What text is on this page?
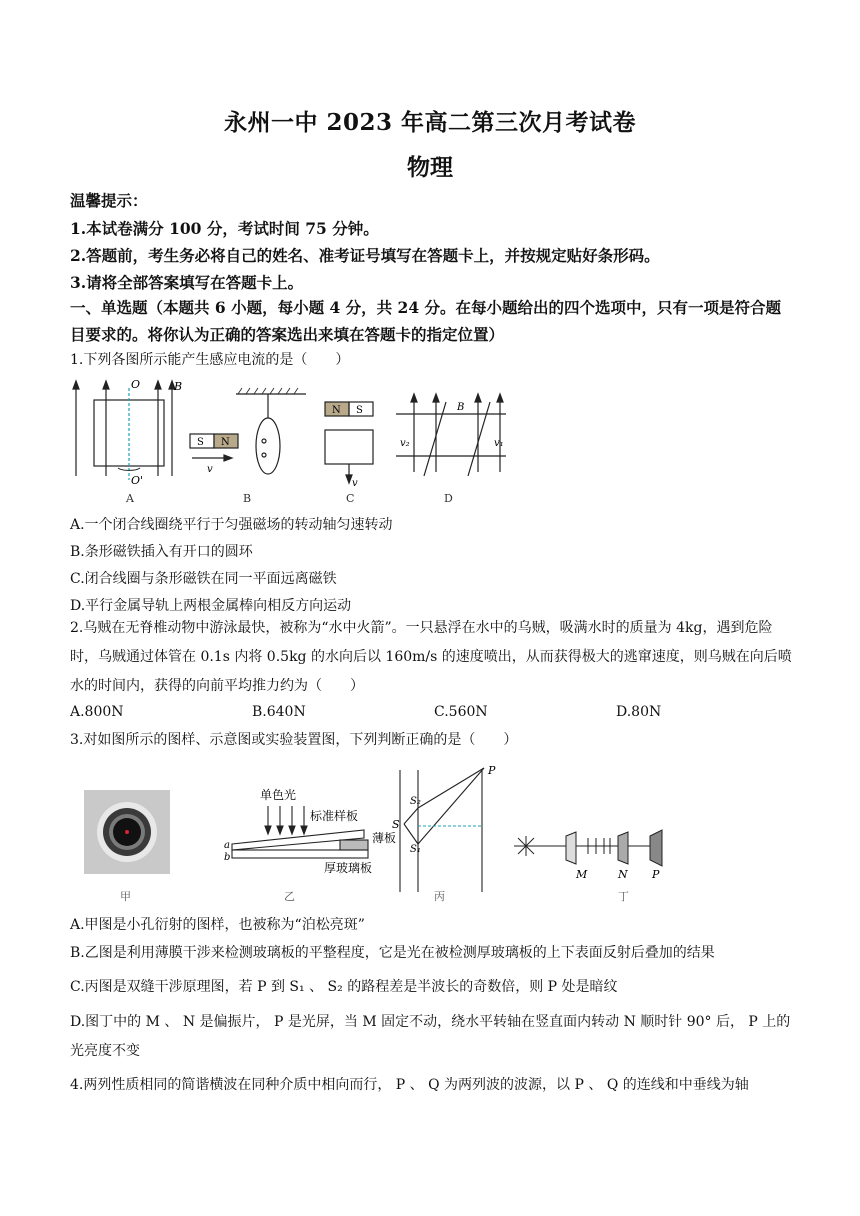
永州一中 2023 年高二第三次月考试卷
物理
温馨提示：
1.本试卷满分 100 分，考试时间 75 分钟。
2.答题前，考生务必将自己的姓名、准考证号填写在答题卡上，并按规定贴好条形码。
3.请将全部答案填写在答题卡上。
一、单选题（本题共 6 小题，每小题 4 分，共 24 分。在每小题给出的四个选项中，只有一项是符合题目要求的。将你认为正确的答案选出来填在答题卡的指定位置）
1.下列各图所示能产生感应电流的是（　　）
O
O'
B
S N
v
N S
v
B
v₂	v₁
A	B	C	D
A.一个闭合线圈绕平行于匀强磁场的转动轴匀速转动
B.条形磁铁插入有开口的圆环
C.闭合线圈与条形磁铁在同一平面远离磁铁
D.平行金属导轨上两根金属棒向相反方向运动
2.乌贼在无脊椎动物中游泳最快，被称为“水中火箭”。一只悬浮在水中的乌贼，吸满水时的质量为 4kg，遇到危险时，乌贼通过体管在 0.1s 内将 0.5kg 的水向后以 160m/s 的速度喷出，从而获得极大的逃窜速度，则乌贼在向后喷水的时间内，获得的向前平均推力约为（　　）
A.800N	B.640N	C.560N	D.80N
3.对如图所示的图样、示意图或实验装置图，下列判断正确的是（　　）
单色光
标准样板
薄板
厚玻璃板
a
b
P
S
S₁
S₂
M	N P
甲	乙	丙	丁
A.甲图是小孔衍射的图样，也被称为“泊松亮斑”
B.乙图是利用薄膜干涉来检测玻璃板的平整程度，它是光在被检测厚玻璃板的上下表面反射后叠加的结果
C.丙图是双缝干涉原理图，若 P 到 S₁ 、 S₂ 的路程差是半波长的奇数倍，则 P 处是暗纹
D.图丁中的 M 、 N 是偏振片， P 是光屏，当 M 固定不动，绕水平转轴在竖直面内转动 N 顺时针 90° 后， P 上的光亮度不变
4.两列性质相同的简谐横波在同种介质中相向而行， P 、 Q 为两列波的波源，以 P 、 Q 的连线和中垂线为轴
